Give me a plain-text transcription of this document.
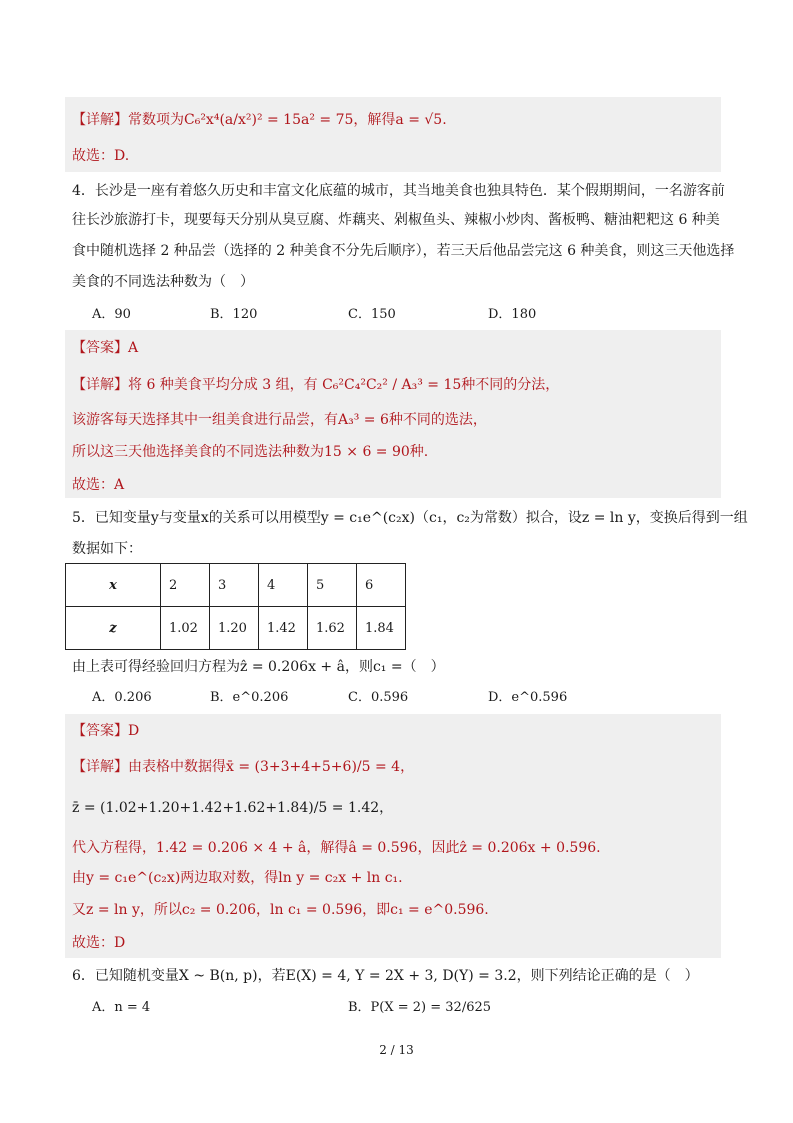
【详解】常数项为C₆²x⁴(a/x²)² = 15a² = 75，解得a = √5.
故选：D.
4．长沙是一座有着悠久历史和丰富文化底蕴的城市，其当地美食也独具特色．某个假期期间，一名游客前
往长沙旅游打卡，现要每天分别从臭豆腐、炸藕夹、剁椒鱼头、辣椒小炒肉、酱板鸭、糖油粑粑这 6 种美
食中随机选择 2 种品尝（选择的 2 种美食不分先后顺序），若三天后他品尝完这 6 种美食，则这三天他选择
美食的不同选法种数为（　）
A．90	B．120	C．150	D．180
【答案】A
【详解】将 6 种美食平均分成 3 组，有 C₆²C₄²C₂² / A₃³ = 15种不同的分法，
该游客每天选择其中一组美食进行品尝，有A₃³ = 6种不同的选法，
所以这三天他选择美食的不同选法种数为15 × 6 = 90种.
故选：A
5．已知变量y与变量x的关系可以用模型y = c₁e^(c₂x)（c₁，c₂为常数）拟合，设z = ln y，变换后得到一组
数据如下：
x	2	3	4	5	6
z	1.02	1.20	1.42	1.62	1.84
由上表可得经验回归方程为ẑ = 0.206x + â，则c₁ =（　）
A．0.206	B．e^0.206	C．0.596	D．e^0.596
【答案】D
【详解】由表格中数据得x̄ = (3+3+4+5+6)/5 = 4，
z̄ = (1.02+1.20+1.42+1.62+1.84)/5 = 1.42，
代入方程得，1.42 = 0.206 × 4 + â，解得â = 0.596，因此ẑ = 0.206x + 0.596.
由y = c₁e^(c₂x)两边取对数，得ln y = c₂x + ln c₁.
又z = ln y，所以c₂ = 0.206，ln c₁ = 0.596，即c₁ = e^0.596.
故选：D
6．已知随机变量X ~ B(n, p)，若E(X) = 4, Y = 2X + 3, D(Y) = 3.2，则下列结论正确的是（　）
A．n = 4	B．P(X = 2) = 32/625
2 / 13
